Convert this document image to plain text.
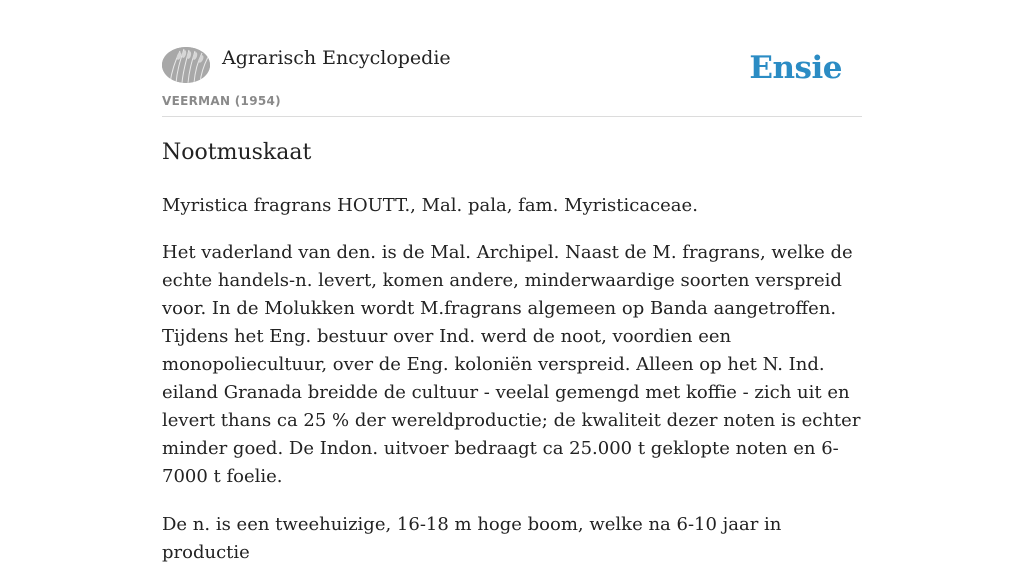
Agrarisch Encyclopedie
VEERMAN (1954)
Ensie
Nootmuskaat

Myristica fragrans HOUTT., Mal. pala, fam. Myristicaceae.

Het vaderland van den. is de Mal. Archipel. Naast de M. fragrans, welke de echte handels-n. levert, komen andere, minderwaardige soorten verspreid voor. In de Molukken wordt M.fragrans algemeen op Banda aangetroffen. Tijdens het Eng. bestuur over Ind. werd de noot, voordien een monopoliecultuur, over de Eng. koloniën verspreid. Alleen op het N. Ind. eiland Granada breidde de cultuur - veelal gemengd met koffie - zich uit en levert thans ca 25 % der wereldproductie; de kwaliteit dezer noten is echter minder goed. De Indon. uitvoer bedraagt ca 25.000 t geklopte noten en 6-7000 t foelie.

De n. is een tweehuizige, 16-18 m hoge boom, welke na 6-10 jaar in productie
